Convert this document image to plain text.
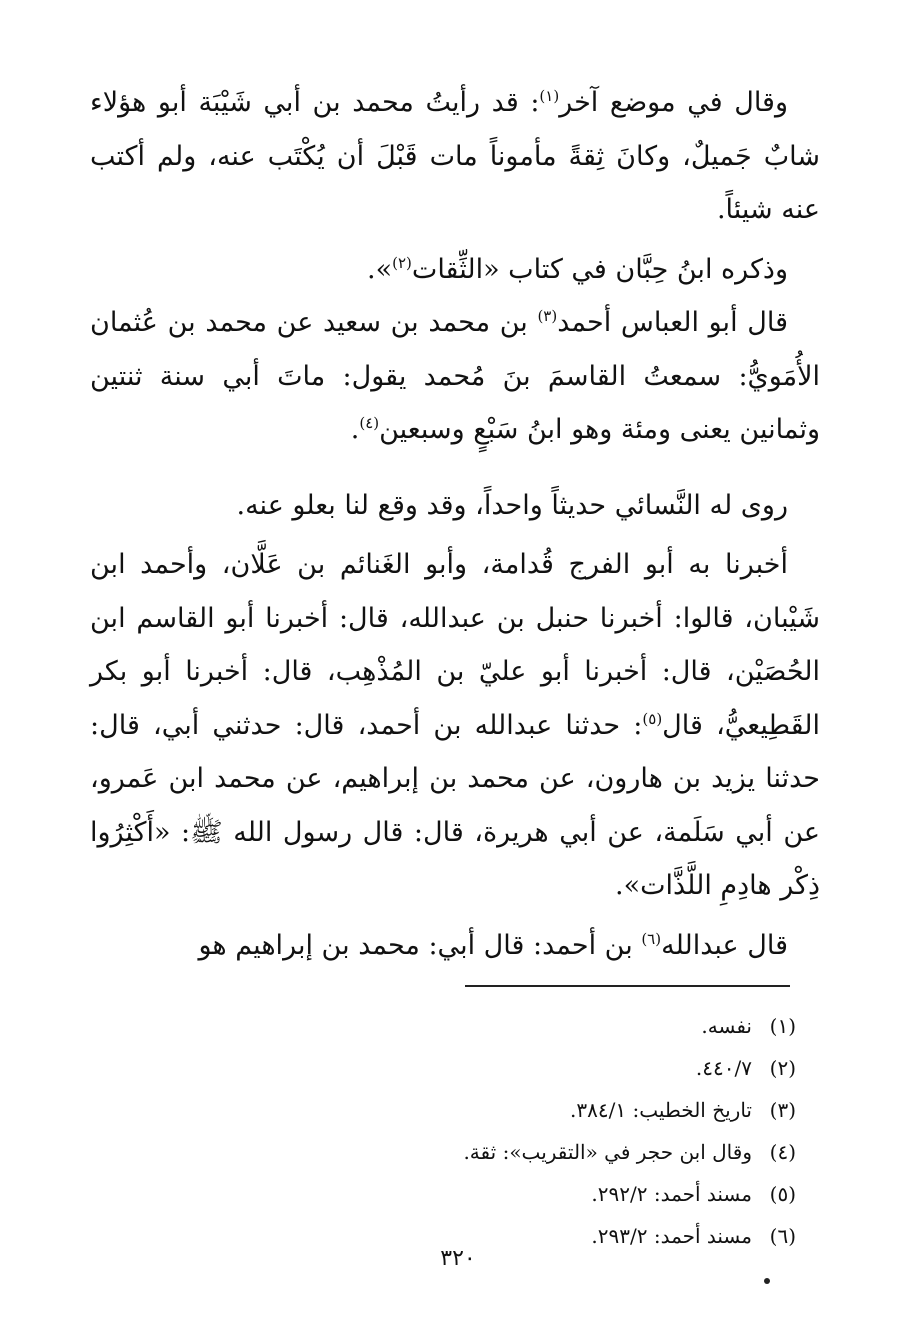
وقال في موضع آخر$^{(١)}$: قد رأيتُ محمد بن أبي شَيْبَة أبو هؤلاء شابٌ جَميلٌ، وكانَ ثِقةً مأموناً مات قَبْلَ أن يُكْتَب عنه، ولم أكتب عنه شيئاً.

وذكره ابنُ حِبَّان في كتاب «الثِّقات$^{(٢)}$».

قال أبو العباس أحمد$^{(٣)}$ بن محمد بن سعيد عن محمد بن عُثمان الأُمَويُّ: سمعتُ القاسمَ بنَ مُحمد يقول: ماتَ أبي سنة ثنتين وثمانين يعنى ومئة وهو ابنُ سَبْعٍ وسبعين$^{(٤)}$.

روى له النَّسائي حديثاً واحداً، وقد وقع لنا بعلو عنه.

أخبرنا به أبو الفرج قُدامة، وأبو الغَنائم بن عَلَّان، وأحمد ابن شَيْبان، قالوا: أخبرنا حنبل بن عبدالله، قال: أخبرنا أبو القاسم ابن الحُصَيْن، قال: أخبرنا أبو عليّ بن المُذْهِب، قال: أخبرنا أبو بكر القَطِيعيُّ، قال$^{(٥)}$: حدثنا عبدالله بن أحمد، قال: حدثني أبي، قال: حدثنا يزيد بن هارون، عن محمد بن إبراهيم، عن محمد ابن عَمرو، عن أبي سَلَمة، عن أبي هريرة، قال: قال رسول الله ﷺ: «أَكْثِرُوا ذِكْر هادِمِ اللَّذَّات».

قال عبدالله$^{(٦)}$ بن أحمد: قال أبي: محمد بن إبراهيم هو

(١)نفسه.
(٢)٤٤٠/٧.
(٣)تاريخ الخطيب: ٣٨٤/١.
(٤)وقال ابن حجر في «التقريب»: ثقة.
(٥)مسند أحمد: ٢٩٢/٢.
(٦)مسند أحمد: ٢٩٣/٢.
٣٢٠
